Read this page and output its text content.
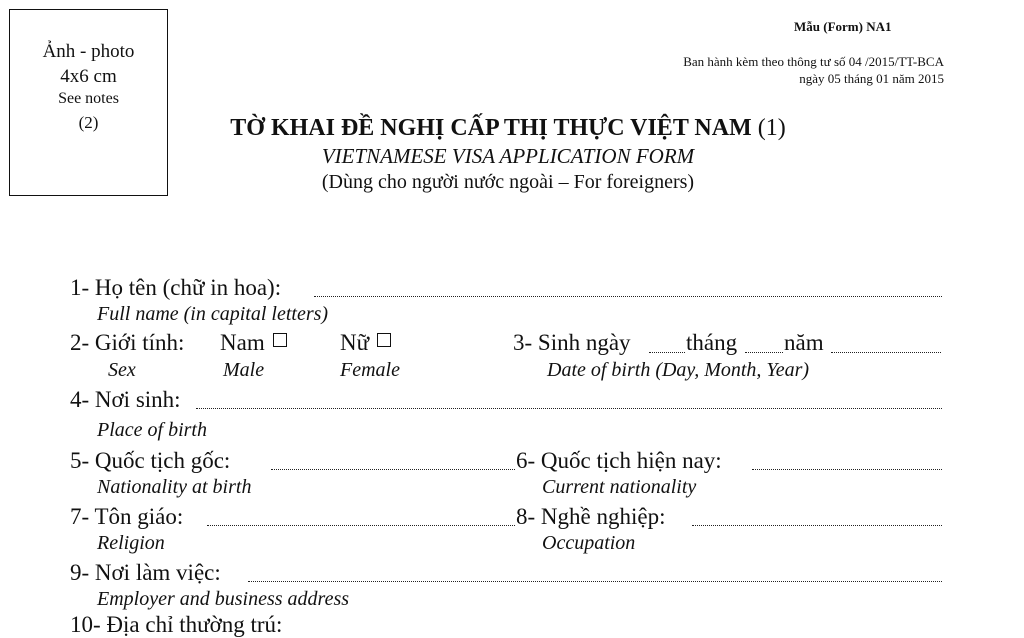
Ảnh - photo
4x6 cm
See notes
(2)
Mẫu (Form) NA1
Ban hành kèm theo thông tư số 04 /2015/TT-BCA
ngày 05 tháng 01 năm 2015
TỜ KHAI ĐỀ NGHỊ CẤP THỊ THỰC VIỆT NAM (1)
VIETNAMESE VISA APPLICATION FORM
(Dùng cho người nước ngoài – For foreigners)
1- Họ tên (chữ in hoa):
Full name (in capital letters)
2- Giới tính: Nam	Nữ
Sex	Male	Female
3- Sinh ngày tháng năm
Date of birth (Day, Month, Year)
4- Nơi sinh:
Place of birth
5- Quốc tịch gốc:	6- Quốc tịch hiện nay:
Nationality at birth	Current nationality
7- Tôn giáo:	8- Nghề nghiệp:
Religion	Occupation
9- Nơi làm việc:
Employer and business address
10- Địa chỉ thường trú:
